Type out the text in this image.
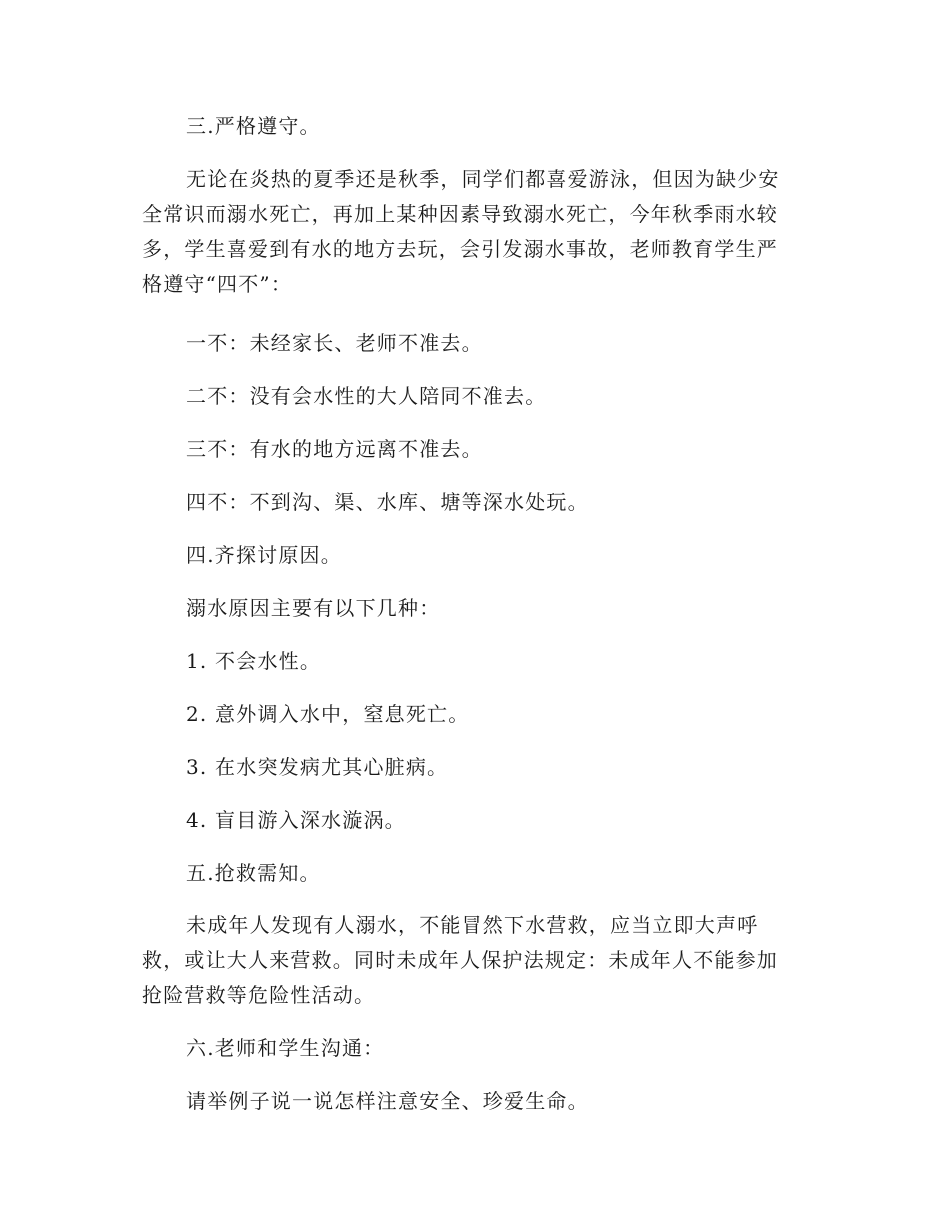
三.严格遵守。

无论在炎热的夏季还是秋季，同学们都喜爱游泳，但因为缺少安全常识而溺水死亡，再加上某种因素导致溺水死亡，今年秋季雨水较多，学生喜爱到有水的地方去玩，会引发溺水事故，老师教育学生严格遵守“四不”：

一不：未经家长、老师不准去。

二不：没有会水性的大人陪同不准去。

三不：有水的地方远离不准去。

四不：不到沟、渠、水库、塘等深水处玩。

四.齐探讨原因。

溺水原因主要有以下几种：

1. 不会水性。

2. 意外调入水中，窒息死亡。

3. 在水突发病尤其心脏病。

4. 盲目游入深水漩涡。

五.抢救需知。

未成年人发现有人溺水，不能冒然下水营救，应当立即大声呼救，或让大人来营救。同时未成年人保护法规定：未成年人不能参加抢险营救等危险性活动。

六.老师和学生沟通：

请举例子说一说怎样注意安全、珍爱生命。
